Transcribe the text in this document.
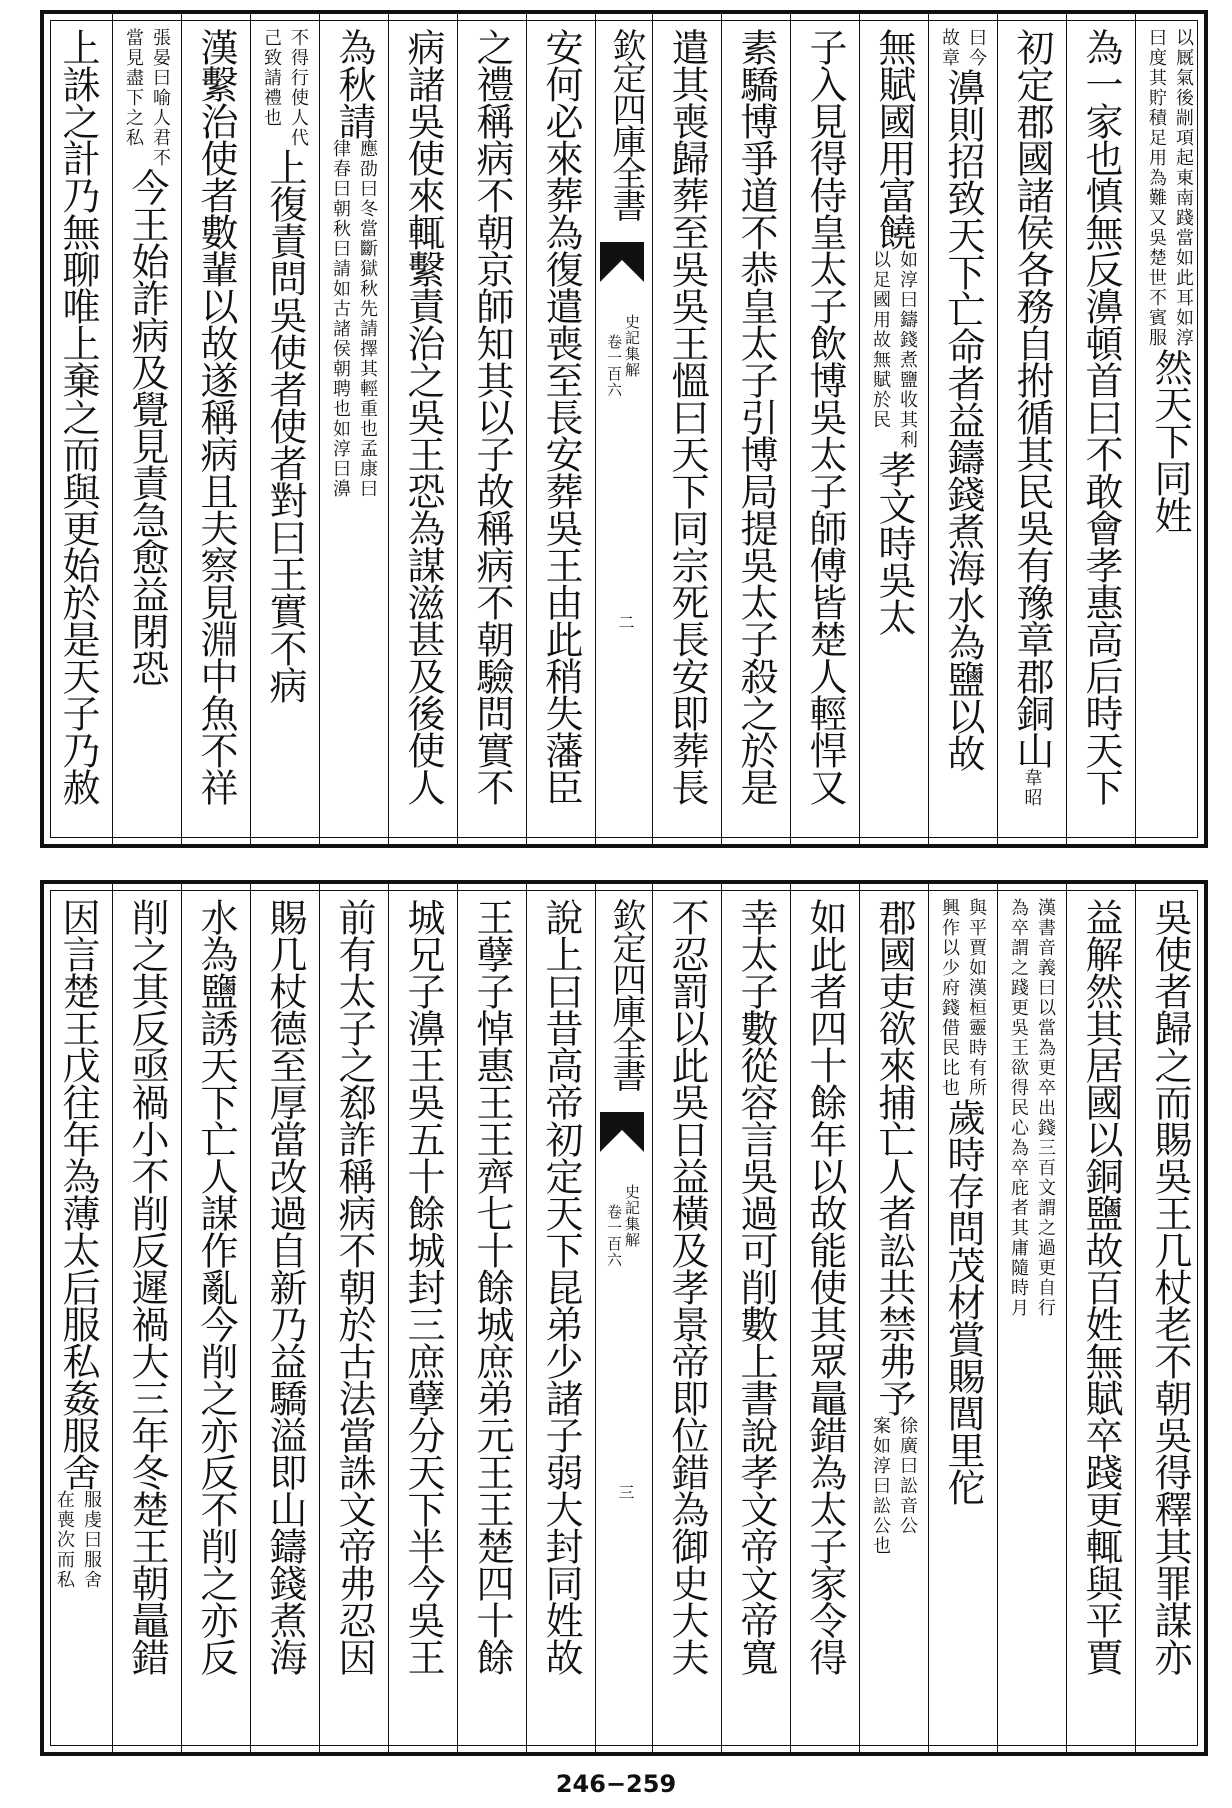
以厩氣後剬項起東南踐當如此耳如淳
曰度其貯積足用為難又吳楚世不賓服
然天下同姓
為一家也慎無反濞頓首曰不敢會孝惠高后時天下
初定郡國諸侯各務自拊循其民吳有豫章郡銅山
韋昭
曰今
故章
濞則招致天下亡命者益鑄錢煮海水為鹽以故
無賦國用富饒
如淳曰鑄錢煮鹽收其利
以足國用故無賦於民
孝文時吳太
子入見得侍皇太子飲博吳太子師傅皆楚人輕悍又
素驕博爭道不恭皇太子引博局提吳太子殺之於是
遣其喪歸葬至吳吳王慍曰天下同宗死長安即葬長
欽定四庫全書
史記集解
卷一百六
二
安何必來葬為復遣喪至長安葬吳王由此稍失藩臣
之禮稱病不朝京師知其以子故稱病不朝驗問實不
病諸吳使來輒繫責治之吳王恐為謀滋甚及後使人
為秋請
應劭曰冬當斷獄秋先請擇其輕重也孟康曰
律春曰朝秋曰請如古諸侯朝聘也如淳曰濞
不得行使人代
己致請禮也
上復責問吳使者使者對曰王實不病
漢繫治使者數輩以故遂稱病且夫察見淵中魚不祥
張晏曰喻人君不
當見盡下之私
今王始詐病及覺見責急愈益閉恐
上誅之計乃無聊唯上棄之而與更始於是天子乃赦
吳使者歸之而賜吳王几杖老不朝吳得釋其罪謀亦
益解然其居國以銅鹽故百姓無賦卒踐更輒與平賈
漢書音義曰以當為更卒出錢三百文謂之過更自行
為卒謂之踐更吳王欲得民心為卒庇者其庸隨時月
與平賈如漢桓靈時有所
興作以少府錢借民比也
歲時存問茂材賞賜閭里佗
郡國吏欲來捕亡人者訟共禁弗予
徐廣曰訟音公
案如淳曰訟公也
如此者四十餘年以故能使其眾鼂錯為太子家令得
幸太子數從容言吳過可削數上書說孝文帝文帝寬
不忍罰以此吳日益橫及孝景帝即位錯為御史大夫
欽定四庫全書
史記集解
卷一百六
三
說上曰昔高帝初定天下昆弟少諸子弱大封同姓故
王孽子悼惠王王齊七十餘城庶弟元王王楚四十餘
城兄子濞王吳五十餘城封三庶孽分天下半今吳王
前有太子之郄詐稱病不朝於古法當誅文帝弗忍因
賜几杖德至厚當改過自新乃益驕溢即山鑄錢煮海
水為鹽誘天下亡人謀作亂今削之亦反不削之亦反
削之其反亟禍小不削反遲禍大三年冬楚王朝鼂錯
因言楚王戊往年為薄太后服私姦服舍
服虔曰服舍
在喪次而私
246−259
